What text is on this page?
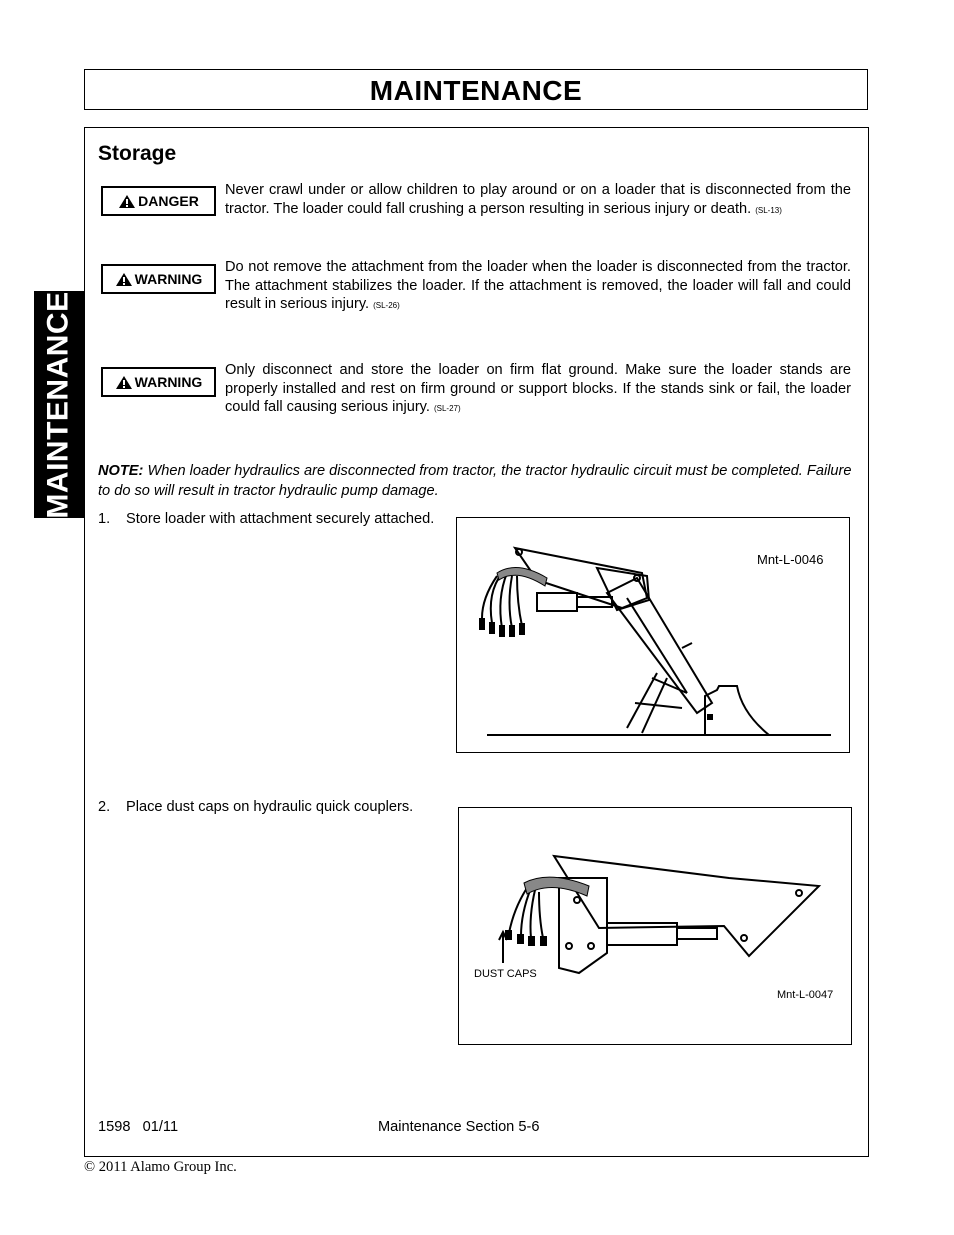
MAINTENANCE
MAINTENANCE
Storage
DANGER
Never crawl under or allow children to play around or on a loader that is disconnected from the tractor. The loader could fall crushing a person resulting in serious injury or death. (SL-13)
WARNING
Do not remove the attachment from the loader when the loader is disconnected from the tractor. The attachment stabilizes the loader. If the attachment is removed, the loader will fall and could result in serious injury. (SL-26)
WARNING
Only disconnect and store the loader on firm flat ground. Make sure the loader stands are properly installed and rest on firm ground or support blocks. If the stands sink or fail, the loader could fall causing serious injury. (SL-27)
NOTE: When loader hydraulics are disconnected from tractor, the tractor hydraulic circuit must be completed. Failure to do so will result in tractor hydraulic pump damage.
1. Store loader with attachment securely attached.
Mnt-L-0046
2. Place dust caps on hydraulic quick couplers.
DUST CAPS
Mnt-L-0047
1598   01/11	Maintenance Section 5-6
© 2011 Alamo Group Inc.
